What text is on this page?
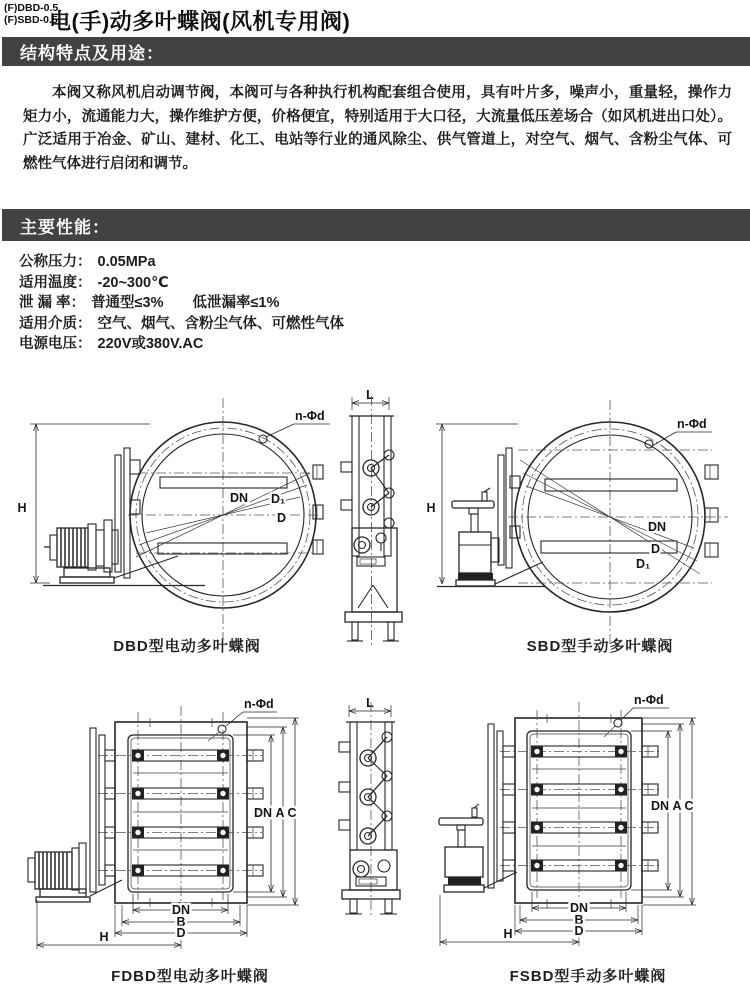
(F)DBD-0.5
(F)SBD-0.5
电(手)动多叶蝶阀(风机专用阀)
结构特点及用途：

本阀又称风机启动调节阀，本阀可与各种执行机构配套组合使用，具有叶片多，噪声小，重量轻，操作力矩力小，流通能力大，操作维护方便，价格便宜，特别适用于大口径，大流量低压差场合（如风机进出口处）。广泛适用于冶金、矿山、建材、化工、电站等行业的通风除尘、供气管道上，对空气、烟气、含粉尘气体、可燃性气体进行启闭和调节。

主要性能：
公称压力： 0.05MPa
适用温度： -20~300℃
泄 漏 率： 普通型≤3%　　低泄漏率≤1%
适用介质： 空气、烟气、含粉尘气体、可燃性气体
电源电压： 220V或380V.AC
H
n-Φd
DN D₁
D
DBD型电动多叶蝶阀
L
H
n-Φd
DN
D
D₁
SBD型手动多叶蝶阀
n-Φd
DN A C
DN
B
D
H
FDBD型电动多叶蝶阀
L	n-Φd
DN A C
DN
B
D
H
FSBD型手动多叶蝶阀
